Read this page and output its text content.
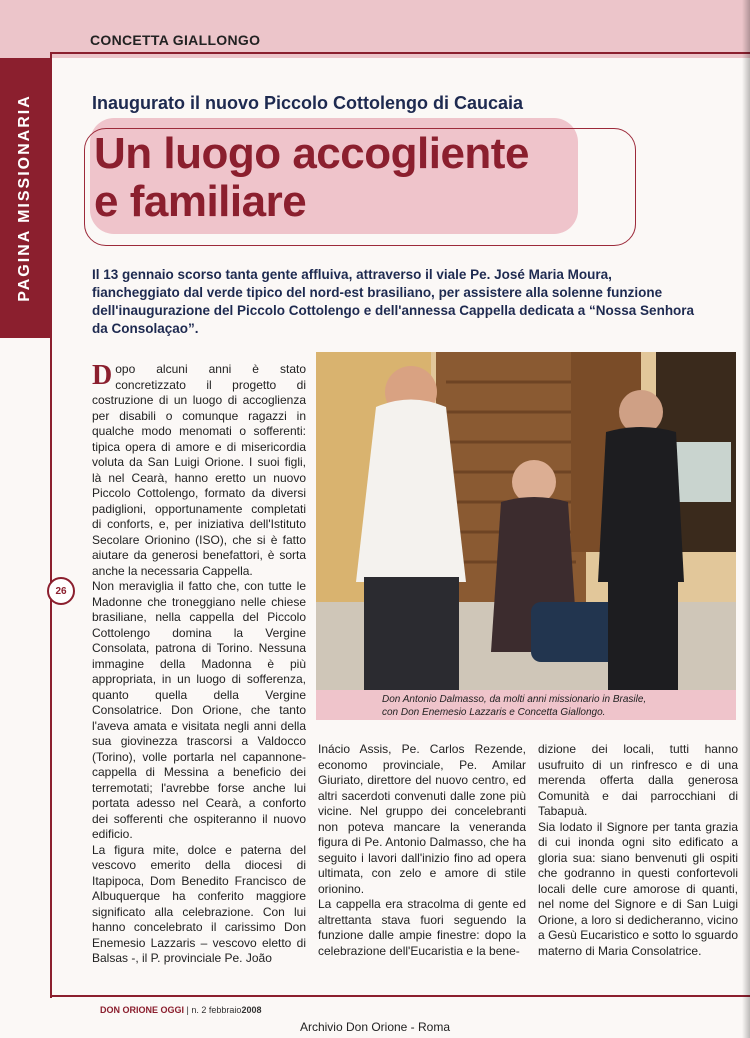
CONCETTA GIALLONGO
PAGINA MISSIONARIA
26
Inaugurato il nuovo Piccolo Cottolengo di Caucaia
Un luogo accogliente
e familiare
Il 13 gennaio scorso tanta gente affluiva, attraverso il viale Pe. José Maria Moura, fiancheggiato dal verde tipico del nord-est brasiliano, per assistere alla solenne funzione dell'inaugurazione del Piccolo Cottolengo e dell'annessa Cappella dedicata a “Nossa Senhora da Consolaçao”.

Dopo alcuni anni è stato concretizzato il progetto di costruzione di un luogo di accoglienza per disabili o comunque ragazzi in qualche modo menomati o sofferenti: tipica opera di amore e di misericordia voluta da San Luigi Orione. I suoi figli, là nel Cearà, hanno eretto un nuovo Piccolo Cottolengo, formato da diversi padiglioni, opportunamente completati di conforts, e, per iniziativa dell'Istituto Secolare Orionino (ISO), che si è fatto aiutare da generosi benefattori, è sorta anche la necessaria Cappella.

Non meraviglia il fatto che, con tutte le Madonne che troneggiano nelle chiese brasiliane, nella cappella del Piccolo Cottolengo domina la Vergine Consolata, patrona di Torino. Nessuna immagine della Madonna è più appropriata, in un luogo di sofferenza, quanto quella della Vergine Consolatrice. Don Orione, che tanto l'aveva amata e visitata negli anni della sua giovinezza trascorsi a Valdocco (Torino), volle portarla nel capannone-cappella di Messina a beneficio dei terremotati; l'avrebbe forse anche lui portata adesso nel Cearà, a conforto dei sofferenti che ospiteranno il nuovo edificio.

La figura mite, dolce e paterna del vescovo emerito della diocesi di Itapipoca, Dom Benedito Francisco de Albuquerque ha conferito maggiore significato alla celebrazione. Con lui hanno concelebrato il carissimo Don Enemesio Lazzaris – vescovo eletto di Balsas -, il P. provinciale Pe. João

Don Antonio Dalmasso, da molti anni missionario in Brasile,
con Don Enemesio Lazzaris e Concetta Giallongo.

Inácio Assis, Pe. Carlos Rezende, economo provinciale, Pe. Amilar Giuriato, direttore del nuovo centro, ed altri sacerdoti convenuti dalle zone più vicine. Nel gruppo dei concelebranti non poteva mancare la veneranda figura di Pe. Antonio Dalmasso, che ha seguito i lavori dall'inizio fino ad opera ultimata, con zelo e amore di stile orionino.

La cappella era stracolma di gente ed altrettanta stava fuori seguendo la funzione dalle ampie finestre: dopo la celebrazione dell'Eucaristia e la bene-

dizione dei locali, tutti hanno usufruito di un rinfresco e di una merenda offerta dalla generosa Comunità e dai parrocchiani di Tabapuà.

Sia lodato il Signore per tanta grazia di cui inonda ogni sito edificato a gloria sua: siano benvenuti gli ospiti che godranno in questi confortevoli locali delle cure amorose di quanti, nel nome del Signore e di San Luigi Orione, a loro si dedicheranno, vicino a Gesù Eucaristico e sotto lo sguardo materno di Maria Consolatrice.

DON ORIONE OGGI | n. 2 febbraio2008
Archivio Don Orione - Roma
